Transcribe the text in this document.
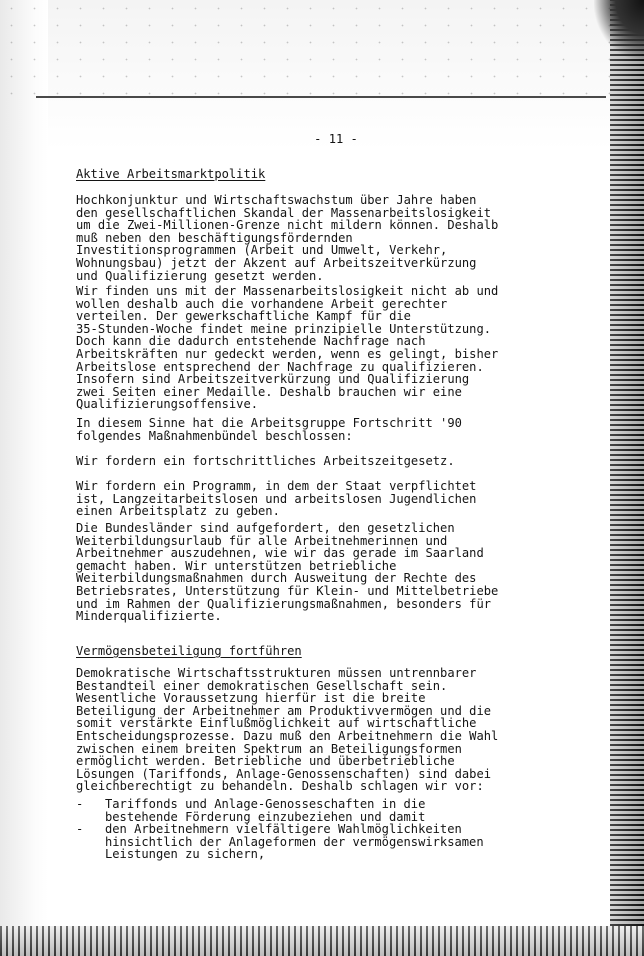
- 11 -
Aktive Arbeitsmarktpolitik

Hochkonjunktur und Wirtschaftswachstum über Jahre haben
den gesellschaftlichen Skandal der Massenarbeitslosigkeit
um die Zwei-Millionen-Grenze nicht mildern können. Deshalb
muß neben den beschäftigungsfördernden
Investitionsprogrammen (Arbeit und Umwelt, Verkehr,
Wohnungsbau) jetzt der Akzent auf Arbeitszeitverkürzung
und Qualifizierung gesetzt werden.

Wir finden uns mit der Massenarbeitslosigkeit nicht ab und
wollen deshalb auch die vorhandene Arbeit gerechter
verteilen. Der gewerkschaftliche Kampf für die
35-Stunden-Woche findet meine prinzipielle Unterstützung.
Doch kann die dadurch entstehende Nachfrage nach
Arbeitskräften nur gedeckt werden, wenn es gelingt, bisher
Arbeitslose entsprechend der Nachfrage zu qualifizieren.
Insofern sind Arbeitszeitverkürzung und Qualifizierung
zwei Seiten einer Medaille. Deshalb brauchen wir eine
Qualifizierungsoffensive.

In diesem Sinne hat die Arbeitsgruppe Fortschritt '90
folgendes Maßnahmenbündel beschlossen:

Wir fordern ein fortschrittliches Arbeitszeitgesetz.

Wir fordern ein Programm, in dem der Staat verpflichtet
ist, Langzeitarbeitslosen und arbeitslosen Jugendlichen
einen Arbeitsplatz zu geben.

Die Bundesländer sind aufgefordert, den gesetzlichen
Weiterbildungsurlaub für alle Arbeitnehmerinnen und
Arbeitnehmer auszudehnen, wie wir das gerade im Saarland
gemacht haben. Wir unterstützen betriebliche
Weiterbildungsmaßnahmen durch Ausweitung der Rechte des
Betriebsrates, Unterstützung für Klein- und Mittelbetriebe
und im Rahmen der Qualifizierungsmaßnahmen, besonders für
Minderqualifizierte.

Vermögensbeteiligung fortführen

Demokratische Wirtschaftsstrukturen müssen untrennbarer
Bestandteil einer demokratischen Gesellschaft sein.
Wesentliche Voraussetzung hierfür ist die breite
Beteiligung der Arbeitnehmer am Produktivvermögen und die
somit verstärkte Einflußmöglichkeit auf wirtschaftliche
Entscheidungsprozesse. Dazu muß den Arbeitnehmern die Wahl
zwischen einem breiten Spektrum an Beteiligungsformen
ermöglicht werden. Betriebliche und überbetriebliche
Lösungen (Tariffonds, Anlage-Genossenschaften) sind dabei
gleichberechtigt zu behandeln. Deshalb schlagen wir vor:

-	Tariffonds und Anlage-Genosseschaften in die
bestehende Förderung einzubeziehen und damit
-	den Arbeitnehmern vielfältigere Wahlmöglichkeiten
hinsichtlich der Anlageformen der vermögenswirksamen
Leistungen zu sichern,
